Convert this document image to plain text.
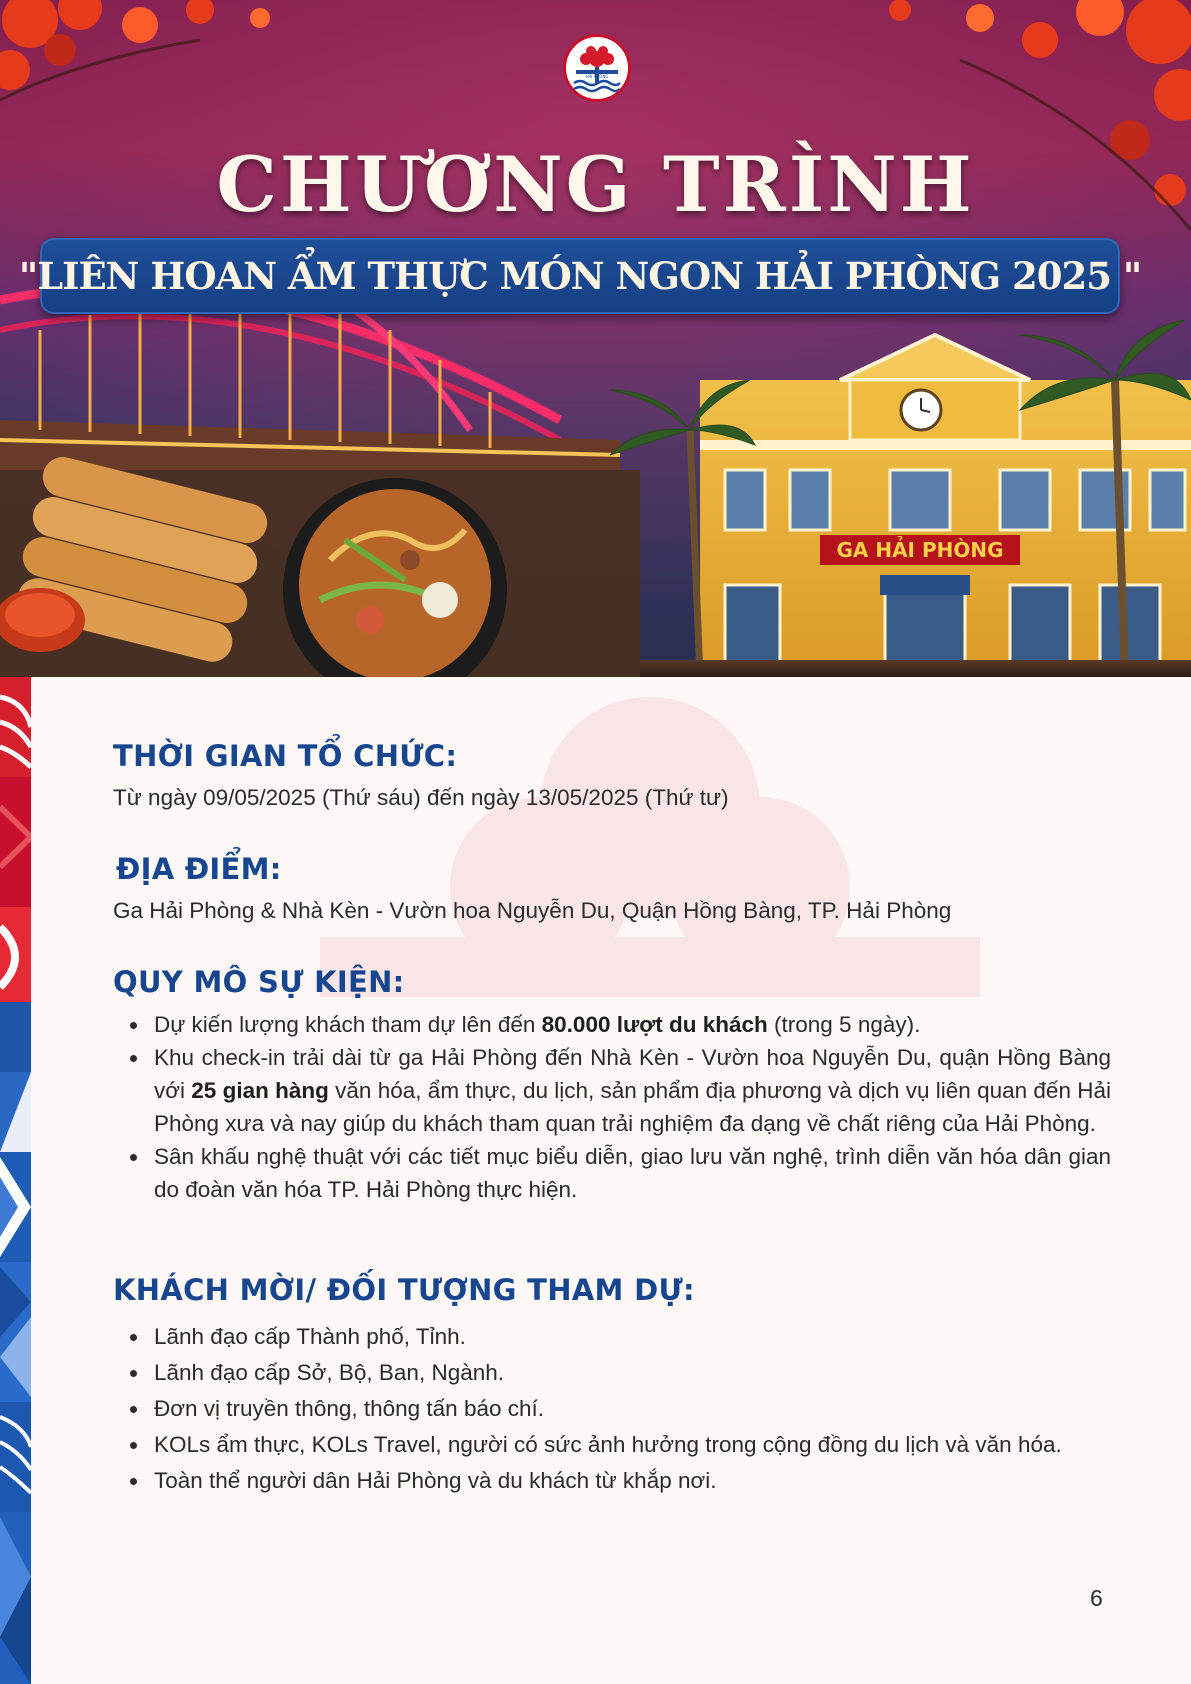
GA HẢI PHÒNG
HẢI PHÒNG
CHƯƠNG TRÌNH
"LIÊN HOAN ẨM THỰC MÓN NGON HẢI PHÒNG 2025 "
THỜI GIAN TỔ CHỨC:
Từ ngày 09/05/2025 (Thứ sáu) đến ngày 13/05/2025 (Thứ tư)
ĐỊA ĐIỂM:
Ga Hải Phòng & Nhà Kèn - Vườn hoa Nguyễn Du, Quận Hồng Bàng, TP. Hải Phòng
QUY MÔ SỰ KIỆN:
Dự kiến lượng khách tham dự lên đến 80.000 lượt du khách (trong 5 ngày).
Khu check-in trải dài từ ga Hải Phòng đến Nhà Kèn - Vườn hoa Nguyễn Du, quận Hồng Bàng với 25 gian hàng văn hóa, ẩm thực, du lịch, sản phẩm địa phương và dịch vụ liên quan đến Hải Phòng xưa và nay giúp du khách tham quan trải nghiệm đa dạng về chất riêng của Hải Phòng.
Sân khấu nghệ thuật với các tiết mục biểu diễn, giao lưu văn nghệ, trình diễn văn hóa dân gian do đoàn văn hóa TP. Hải Phòng thực hiện.
KHÁCH MỜI/ ĐỐI TƯỢNG THAM DỰ:
Lãnh đạo cấp Thành phố, Tỉnh.
Lãnh đạo cấp Sở, Bộ, Ban, Ngành.
Đơn vị truyền thông, thông tấn báo chí.
KOLs ẩm thực, KOLs Travel, người có sức ảnh hưởng trong cộng đồng du lịch và văn hóa.
Toàn thể người dân Hải Phòng và du khách từ khắp nơi.
6
